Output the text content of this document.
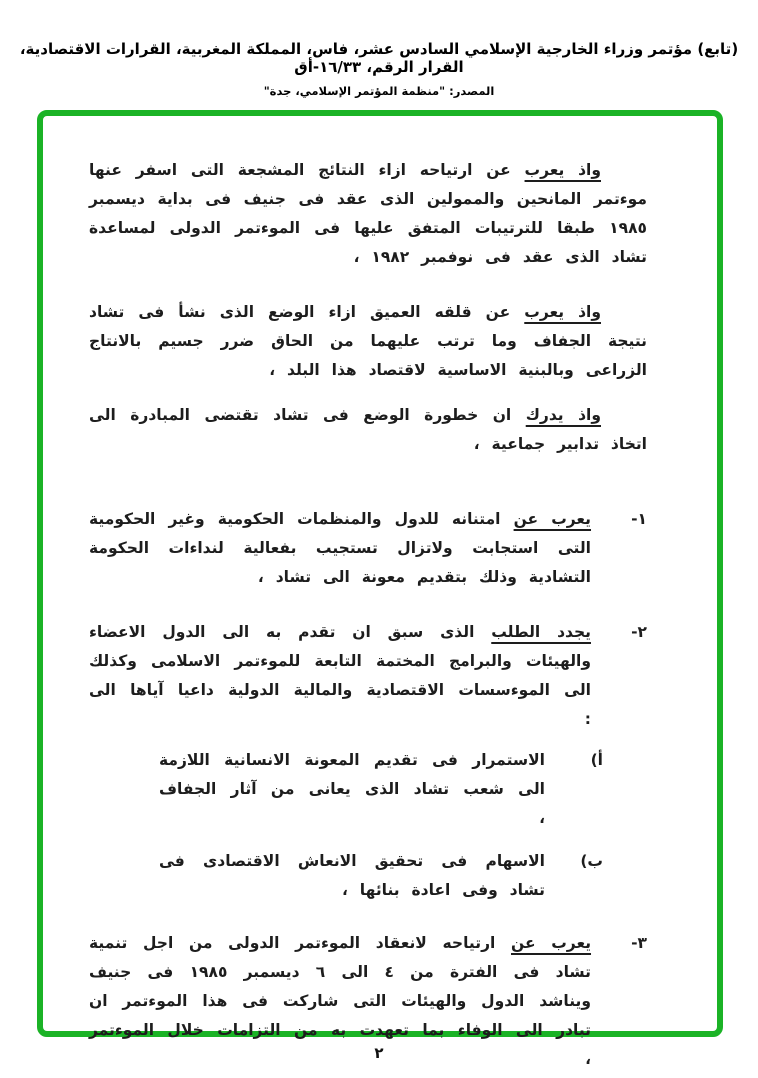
(تابع) مؤتمر وزراء الخارجية الإسلامي السادس عشر، فاس، المملكة المغربية، القرارات الاقتصادية، القرار الرقم، ١٦/٣٣-أق
المصدر: "منظمة المؤتمر الإسلامي، جدة"

واذ يعرب عن ارتياحه ازاء النتائج المشجعة التى اسفر عنها موءتمر المانحين والممولين الذى عقد فى جنيف فى بداية ديسمبر ١٩٨٥ طبقا للترتيبات المتفق عليها فى الموءتمر الدولى لمساعدة تشاد الذى عقد فى نوفمبر ١٩٨٢ ،

واذ يعرب عن قلقه العميق ازاء الوضع الذى نشأ فى تشاد نتيجة الجفاف وما ترتب عليهما من الحاق ضرر جسيم بالانتاج الزراعى وبالبنية الاساسية لاقتصاد هذا البلد ،

واذ يدرك ان خطورة الوضع فى تشاد تقتضى المبادرة الى اتخاذ تدابير جماعية ،

١-
يعرب عن امتنانه للدول والمنظمات الحكومية وغير الحكومية التى استجابت ولاتزال تستجيب بفعالية لنداءات الحكومة التشادية وذلك بتقديم معونة الى تشاد ،
٢-
يجدد الطلب الذى سبق ان تقدم به الى الدول الاعضاء والهيئات والبرامج المختمة التابعة للموءتمر الاسلامى وكذلك الى الموءسسات الاقتصادية والمالية الدولية داعيا آياها الى :
أ)
الاستمرار فى تقديم المعونة الانسانية اللازمة الى شعب تشاد الذى يعانى من آثار الجفاف ،
ب)
الاسهام فى تحقيق الانعاش الاقتصادى فى تشاد وفى اعادة بنائها ،
٣-
يعرب عن ارتياحه لانعقاد الموءتمر الدولى من اجل تنمية تشاد فى الفترة من ٤ الى ٦ ديسمبر ١٩٨٥ فى جنيف ويناشد الدول والهيئات التى شاركت فى هذا الموءتمر ان تبادر الى الوفاء بما تعهدت به من التزامات خلال الموءتمر ،
٢
